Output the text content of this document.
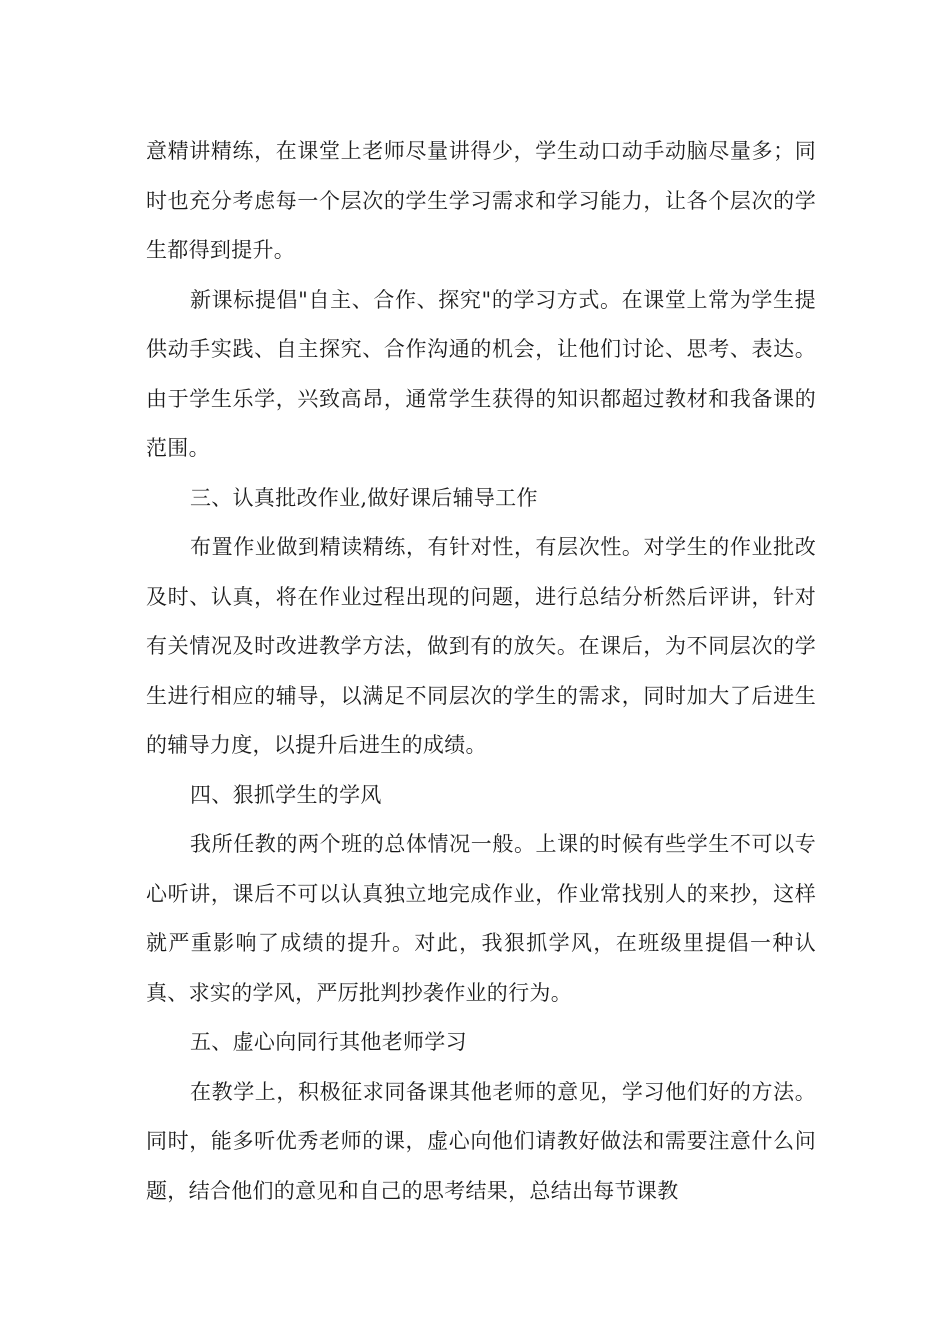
意精讲精练，在课堂上老师尽量讲得少，学生动口动手动脑尽量多；同时也充分考虑每一个层次的学生学习需求和学习能力，让各个层次的学生都得到提升。

新课标提倡"自主、合作、探究"的学习方式。在课堂上常为学生提供动手实践、自主探究、合作沟通的机会，让他们讨论、思考、表达。由于学生乐学，兴致高昂，通常学生获得的知识都超过教材和我备课的范围。

三、认真批改作业,做好课后辅导工作

布置作业做到精读精练，有针对性，有层次性。对学生的作业批改及时、认真，将在作业过程出现的问题，进行总结分析然后评讲，针对有关情况及时改进教学方法，做到有的放矢。在课后，为不同层次的学生进行相应的辅导，以满足不同层次的学生的需求，同时加大了后进生的辅导力度，以提升后进生的成绩。

四、狠抓学生的学风

我所任教的两个班的总体情况一般。上课的时候有些学生不可以专心听讲，课后不可以认真独立地完成作业，作业常找别人的来抄，这样就严重影响了成绩的提升。对此，我狠抓学风，在班级里提倡一种认真、求实的学风，严厉批判抄袭作业的行为。

五、虚心向同行其他老师学习

在教学上，积极征求同备课其他老师的意见，学习他们好的方法。同时，能多听优秀老师的课，虚心向他们请教好做法和需要注意什么问题，结合他们的意见和自己的思考结果，总结出每节课教
